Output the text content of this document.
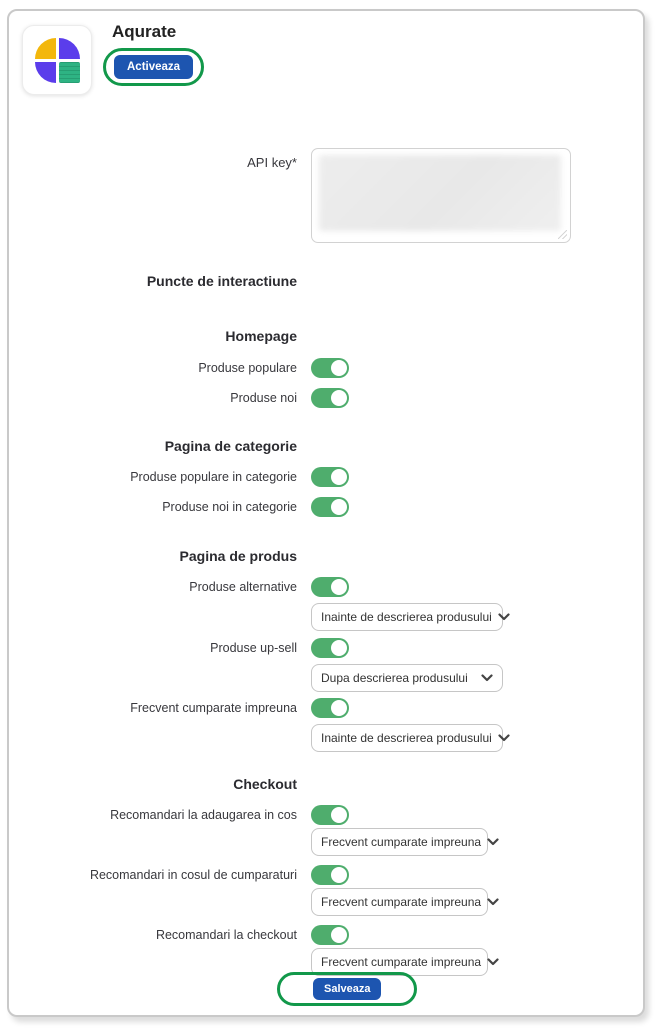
Aqurate
Activeaza
API key*
Puncte de interactiune
Homepage
Produse populare
Produse noi
Pagina de categorie
Produse populare in categorie
Produse noi in categorie
Pagina de produs
Produse alternative
Inainte de descrierea produsului
Produse up-sell
Dupa descrierea produsului
Frecvent cumparate impreuna
Inainte de descrierea produsului
Checkout
Recomandari la adaugarea in cos
Frecvent cumparate impreuna
Recomandari in cosul de cumparaturi
Frecvent cumparate impreuna
Recomandari la checkout
Frecvent cumparate impreuna
Salveaza
